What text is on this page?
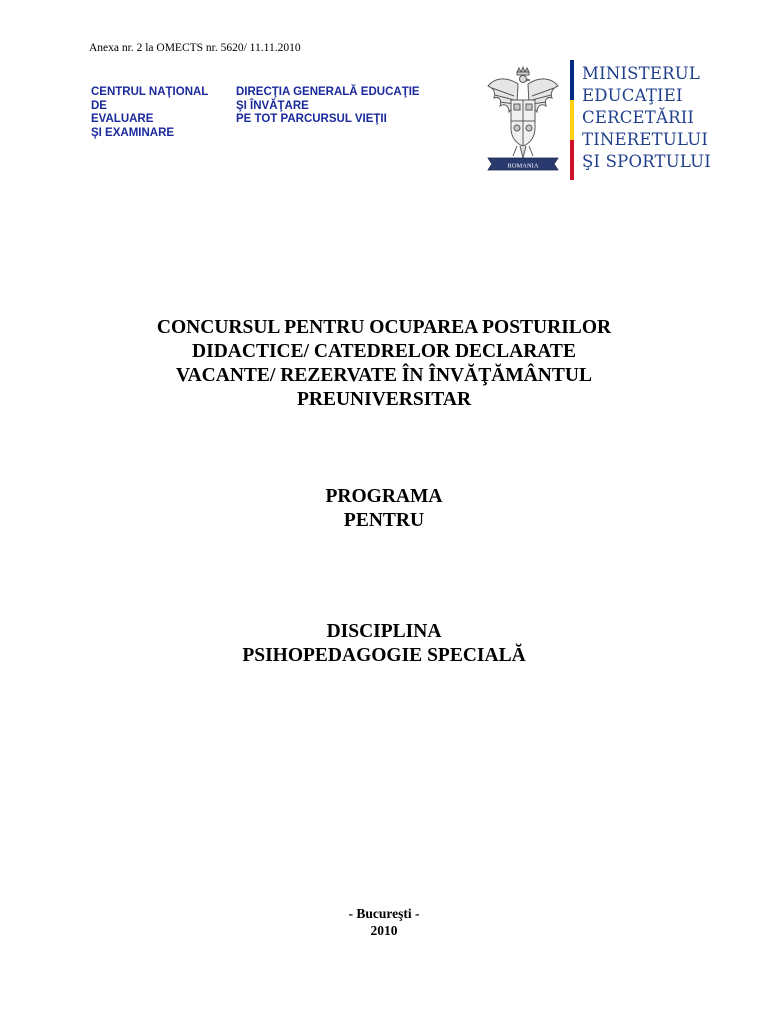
Anexa nr. 2 la OMECTS nr. 5620/ 11.11.2010
CENTRUL NAŢIONAL
DE
EVALUARE
ŞI EXAMINARE
DIRECŢIA GENERALĂ EDUCAŢIE
ŞI ÎNVĂŢARE
PE TOT PARCURSUL VIEŢII
ROMANIA
MINISTERUL
EDUCAŢIEI
CERCETĂRII
TINERETULUI
ŞI SPORTULUI
CONCURSUL PENTRU OCUPAREA POSTURILOR
DIDACTICE/ CATEDRELOR DECLARATE
VACANTE/ REZERVATE ÎN ÎNVĂŢĂMÂNTUL
PREUNIVERSITAR
PROGRAMA
PENTRU
DISCIPLINA
PSIHOPEDAGOGIE SPECIALĂ
- Bucureşti -
2010
